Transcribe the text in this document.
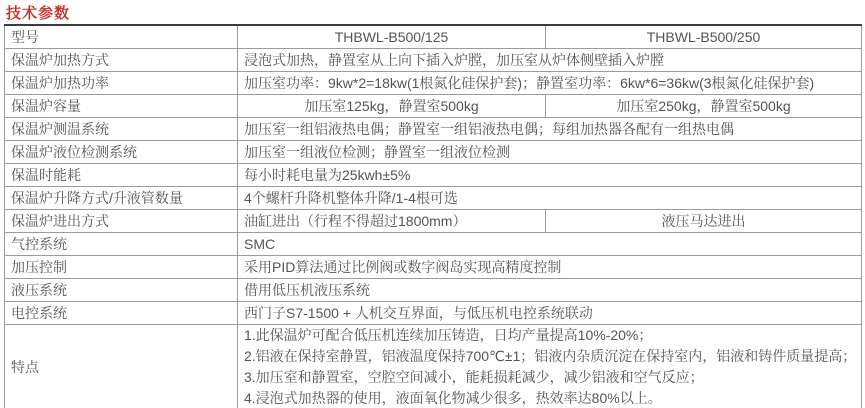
技术参数
型号	THBWL-B500/125	THBWL-B500/250
保温炉加热方式	浸泡式加热，静置室从上向下插入炉膛，加压室从炉体侧壁插入炉膛	
保温炉加热功率	加压室功率：9kw*2=18kw(1根氮化硅保护套)；静置室功率：6kw*6=36kw(3根氮化硅保护套)	
保温炉容量	加压室125kg，静置室500kg	加压室250kg，静置室500kg
保温炉测温系统	加压室一组铝液热电偶；静置室一组铝液热电偶；每组加热器各配有一组热电偶	
保温炉液位检测系统	加压室一组液位检测；静置室一组液位检测	
保温时能耗	每小时耗电量为25kwh±5%	
保温炉升降方式/升液管数量	4个螺杆升降机整体升降/1-4根可选	
保温炉进出方式	油缸进出（行程不得超过1800mm）	液压马达进出
气控系统	SMC	
加压控制	采用PID算法通过比例阀或数字阀岛实现高精度控制	
液压系统	借用低压机液压系统	
电控系统	西门子S7-1500 + 人机交互界面，与低压机电控系统联动	
特点	1.此保温炉可配合低压机连续加压铸造，日均产量提高10%-20%；
2.铝液在保持室静置，铝液温度保持700℃±1；铝液内杂质沉淀在保持室内，铝液和铸件质量提高；
3.加压室和静置室，空腔空间减小，能耗损耗减少，减少铝液和空气反应；
4.浸泡式加热器的使用，液面氧化物减少很多，热效率达80%以上。	
